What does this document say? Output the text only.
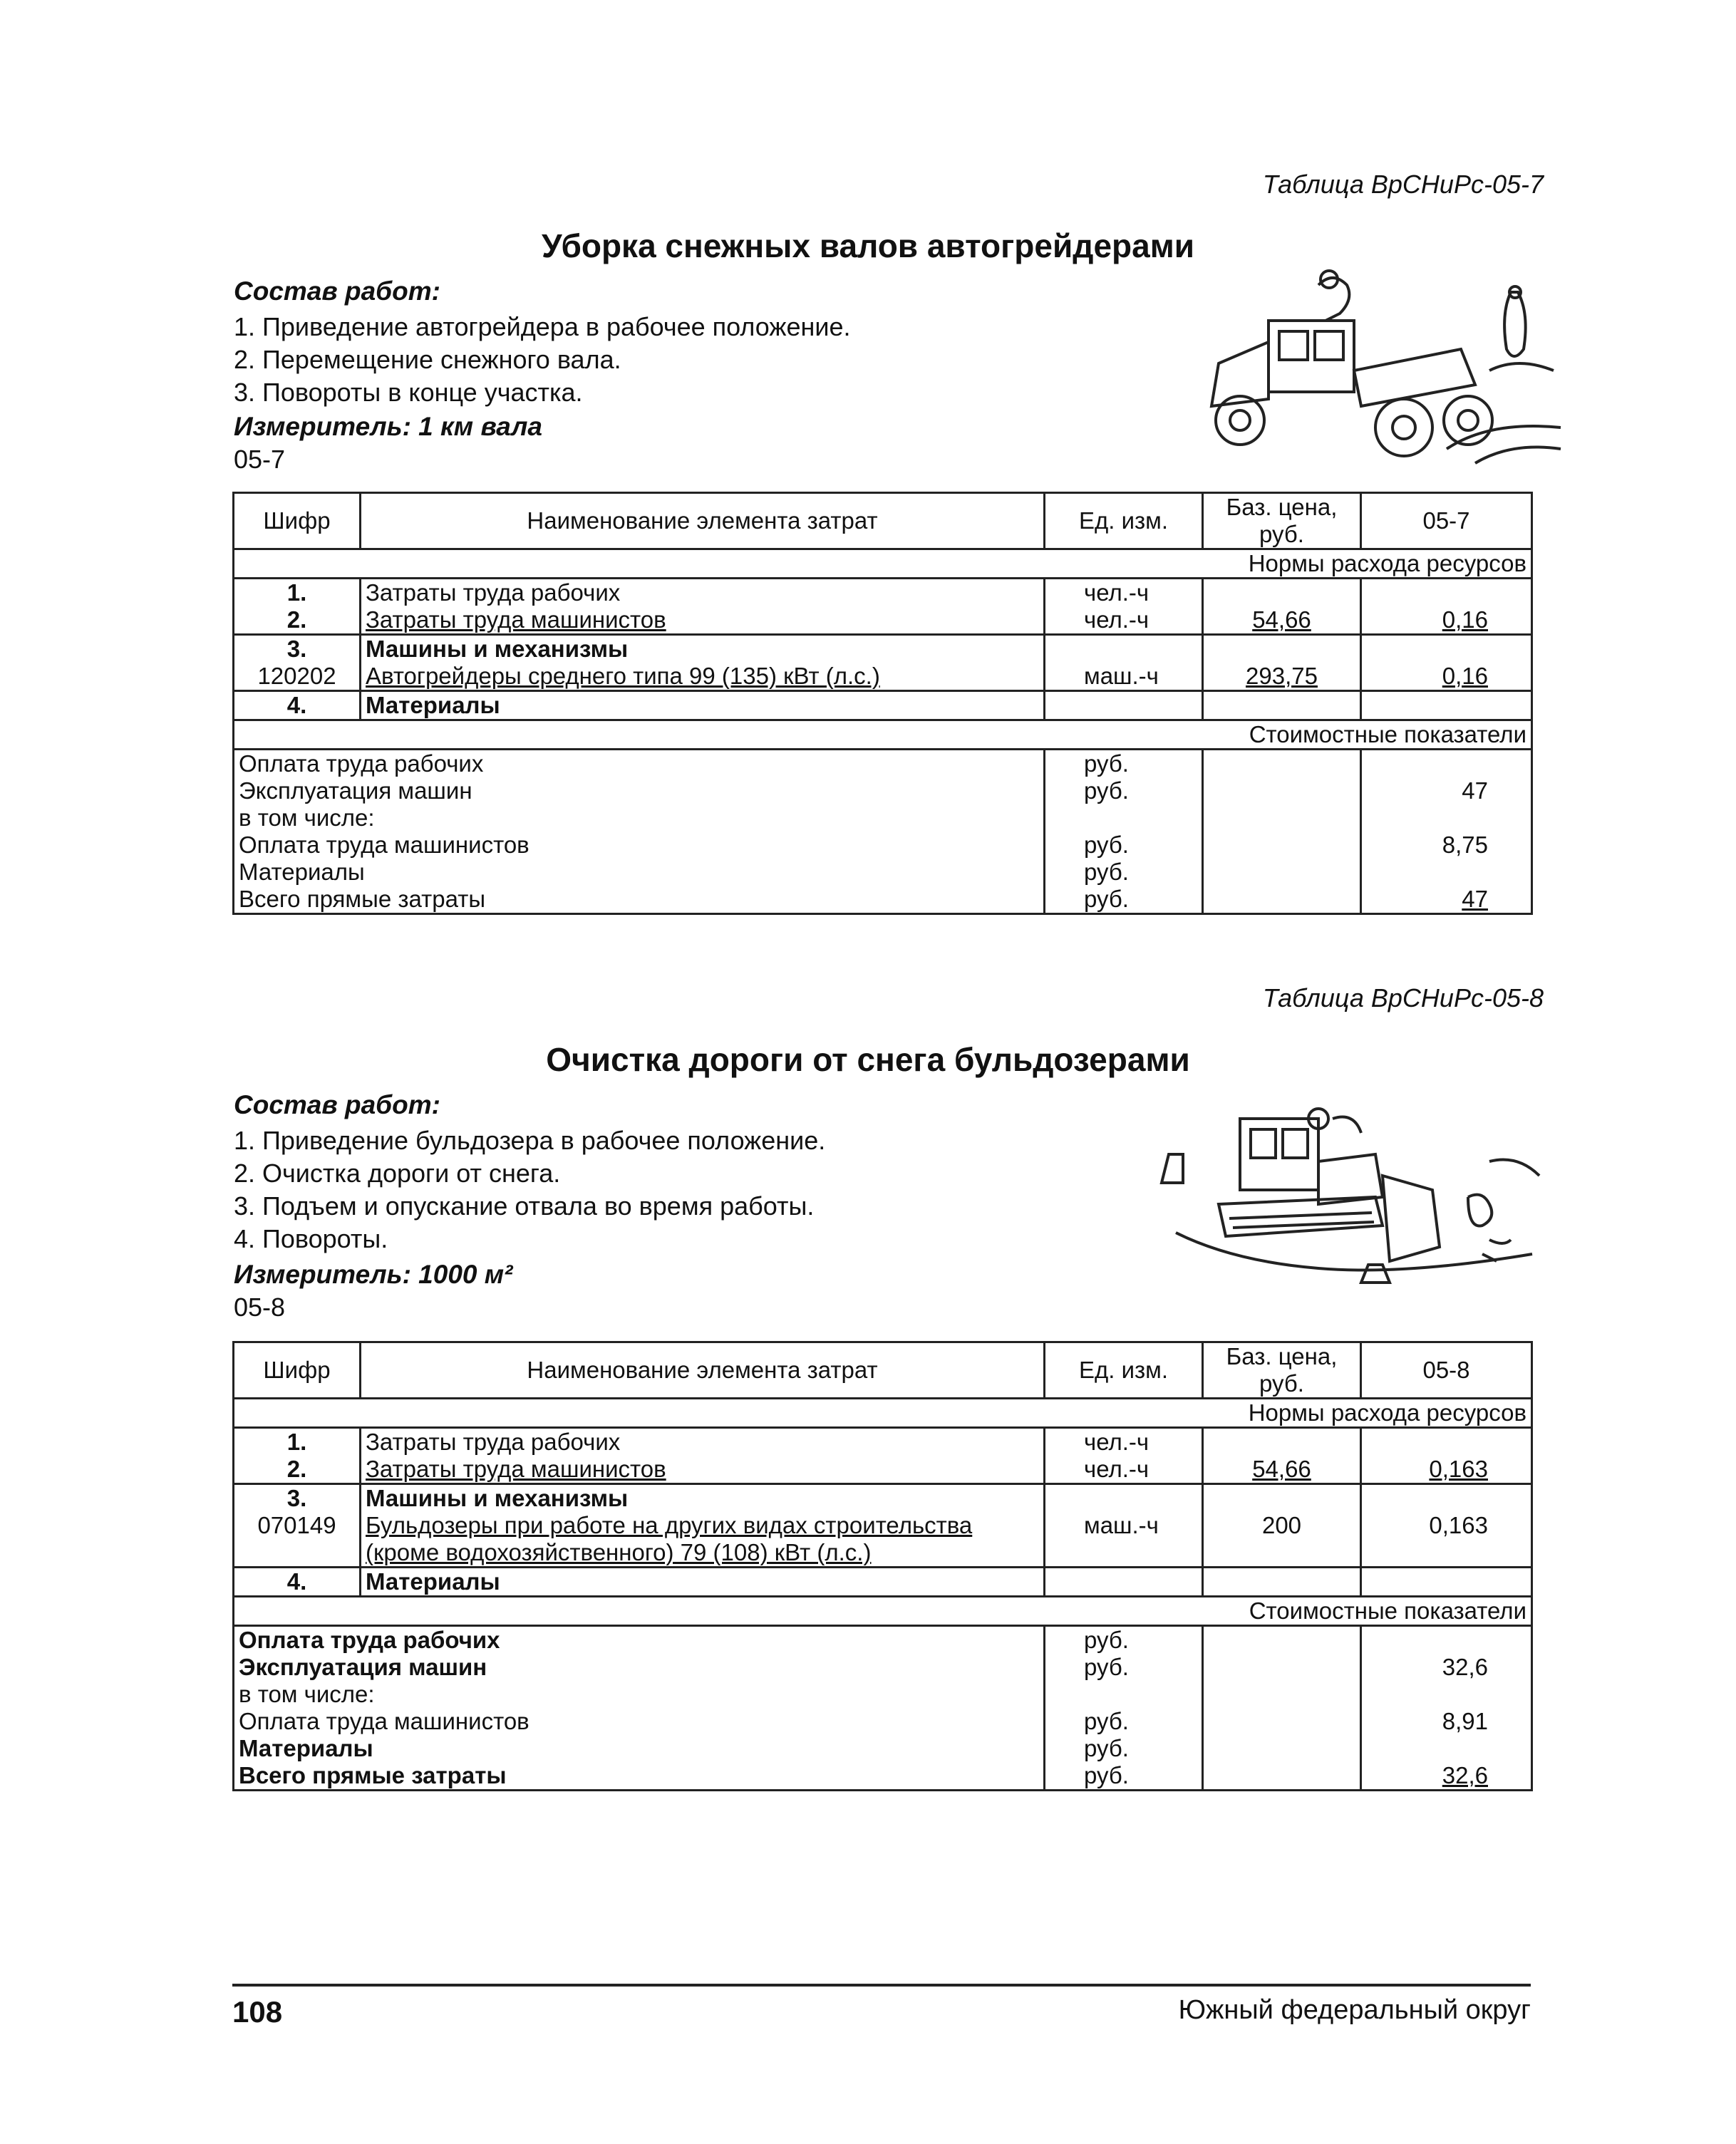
Таблица ВрСНиРс-05-7
Уборка снежных валов автогрейдерами
Состав работ:
1. Приведение автогрейдера в рабочее положение.
2. Перемещение снежного вала.
3. Повороты в конце участка.
Измеритель: 1 км вала
05-7
Шифр	Наименование элемента затрат	Ед. изм.	Баз. цена, руб.	05-7
Нормы расхода ресурсов				
1.	Затраты труда рабочих	чел.-ч		
2.	Затраты труда машинистов	чел.-ч	54,66	0,16
3.	Машины и механизмы			
120202	Автогрейдеры среднего типа 99 (135) кВт (л.с.)	маш.-ч	293,75	0,16
4.	Материалы			
Стоимостные показатели				
Оплата труда рабочих		руб.		
Эксплуатация машин		руб.		47
в том числе:				
Оплата труда машинистов		руб.		8,75
Материалы		руб.		
Всего прямые затраты		руб.		47
Таблица ВрСНиРс-05-8
Очистка дороги от снега бульдозерами
Состав работ:
1. Приведение бульдозера в рабочее положение.
2. Очистка дороги от снега.
3. Подъем и опускание отвала во время работы.
4. Повороты.
Измеритель: 1000 м²
05-8
Шифр	Наименование элемента затрат	Ед. изм.	Баз. цена, руб.	05-8
Нормы расхода ресурсов				
1.	Затраты труда рабочих	чел.-ч		
2.	Затраты труда машинистов	чел.-ч	54,66	0,163
3.	Машины и механизмы			
070149	Бульдозеры при работе на других видах строительства (кроме водохозяйственного) 79 (108) кВт (л.с.)	маш.-ч	200	0,163
4.	Материалы			
Стоимостные показатели				
Оплата труда рабочих		руб.		
Эксплуатация машин		руб.		32,6
в том числе:				
Оплата труда машинистов		руб.		8,91
Материалы		руб.		
Всего прямые затраты		руб.		32,6
108	Южный федеральный округ
